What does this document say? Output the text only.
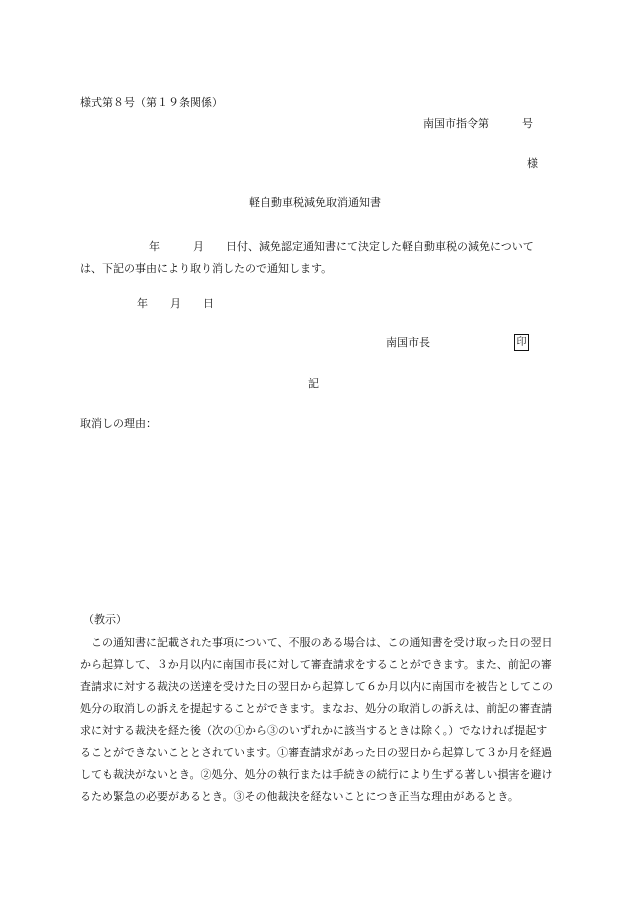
様式第８号（第１９条関係）
南国市指令第　　　号
様
軽自動車税減免取消通知書
年　　　月　　日付、減免認定通知書にて決定した軽自動車税の減免については、下記の事由により取り消したので通知します。
年　　月　　日
南国市長	印
記
取消しの理由：
（教示）
この通知書に記載された事項について、不服のある場合は、この通知書を受け取った日の翌日から起算して、３か月以内に南国市長に対して審査請求をすることができます。また、前記の審査請求に対する裁決の送達を受けた日の翌日から起算して６か月以内に南国市を被告としてこの処分の取消しの訴えを提起することができます。まなお、処分の取消しの訴えは、前記の審査請求に対する裁決を経た後（次の①から③のいずれかに該当するときは除く。）でなければ提起することができないこととされています。①審査請求があった日の翌日から起算して３か月を経過しても裁決がないとき。②処分、処分の執行または手続きの続行により生ずる著しい損害を避けるため緊急の必要があるとき。③その他裁決を経ないことにつき正当な理由があるとき。
